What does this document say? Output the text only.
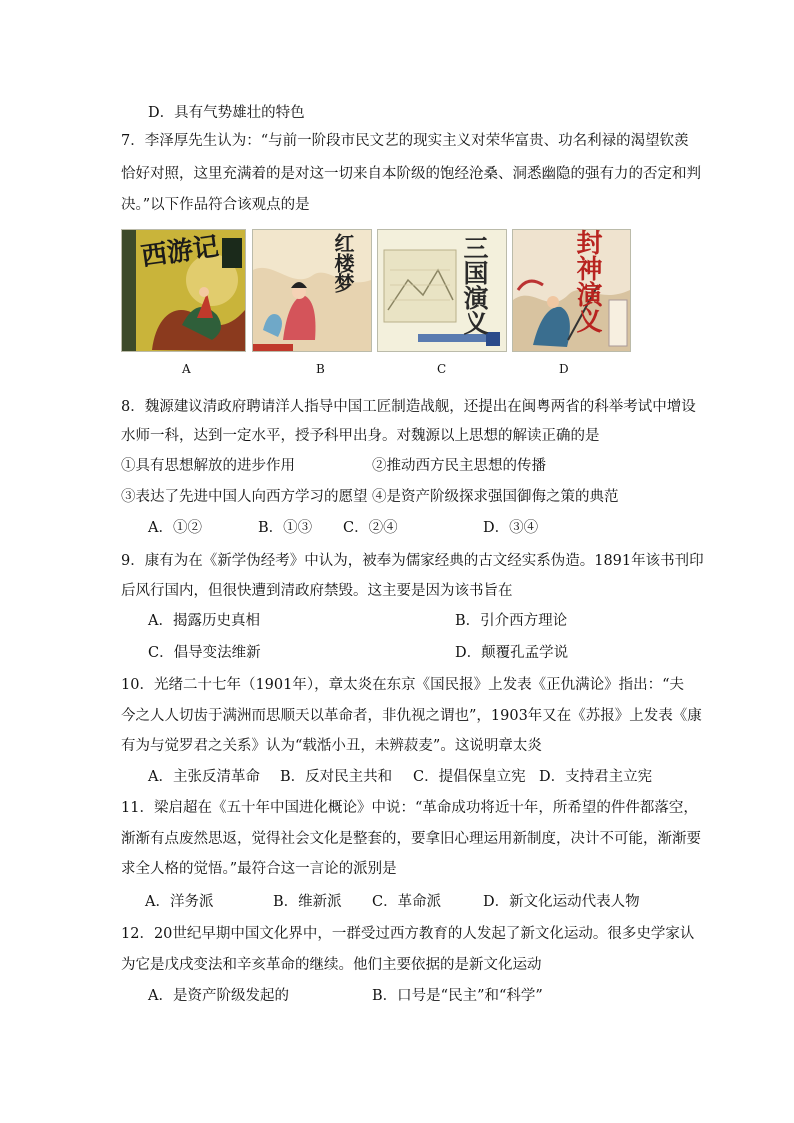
D．具有气势雄壮的特色
7．李泽厚先生认为：“与前一阶段市民文艺的现实主义对荣华富贵、功名利禄的渴望钦羡
恰好对照，这里充满着的是对这一切来自本阶级的饱经沧桑、洞悉幽隐的强有力的否定和判
决。”以下作品符合该观点的是
西游记	红楼梦	三国演义	封神演义
A	B	C	D
8．魏源建议清政府聘请洋人指导中国工匠制造战舰，还提出在闽粤两省的科举考试中增设
水师一科，达到一定水平，授予科甲出身。对魏源以上思想的解读正确的是
①具有思想解放的进步作用	②推动西方民主思想的传播
③表达了先进中国人向西方学习的愿望 ④是资产阶级探求强国御侮之策的典范
A．①②	B．①③ C．②④	D．③④
9．康有为在《新学伪经考》中认为，被奉为儒家经典的古文经实系伪造。1891年该书刊印
后风行国内，但很快遭到清政府禁毁。这主要是因为该书旨在
A．揭露历史真相	B．引介西方理论
C．倡导变法维新	D．颠覆孔孟学说
10．光绪二十七年（1901年），章太炎在东京《国民报》上发表《正仇满论》指出：“夫
今之人人切齿于满洲而思顺天以革命者，非仇视之谓也”，1903年又在《苏报》上发表《康
有为与觉罗君之关系》认为“载湉小丑，未辨菽麦”。这说明章太炎
A．主张反清革命 B．反对民主共和 C．提倡保皇立宪 D．支持君主立宪
11．梁启超在《五十年中国进化概论》中说：“革命成功将近十年，所希望的件件都落空，
渐渐有点废然思返，觉得社会文化是整套的，要拿旧心理运用新制度，决计不可能，渐渐要
求全人格的觉悟。”最符合这一言论的派别是
A．洋务派	B．维新派 C．革命派	D．新文化运动代表人物
12．20世纪早期中国文化界中，一群受过西方教育的人发起了新文化运动。很多史学家认
为它是戊戌变法和辛亥革命的继续。他们主要依据的是新文化运动
A．是资产阶级发起的	B．口号是“民主”和“科学”
